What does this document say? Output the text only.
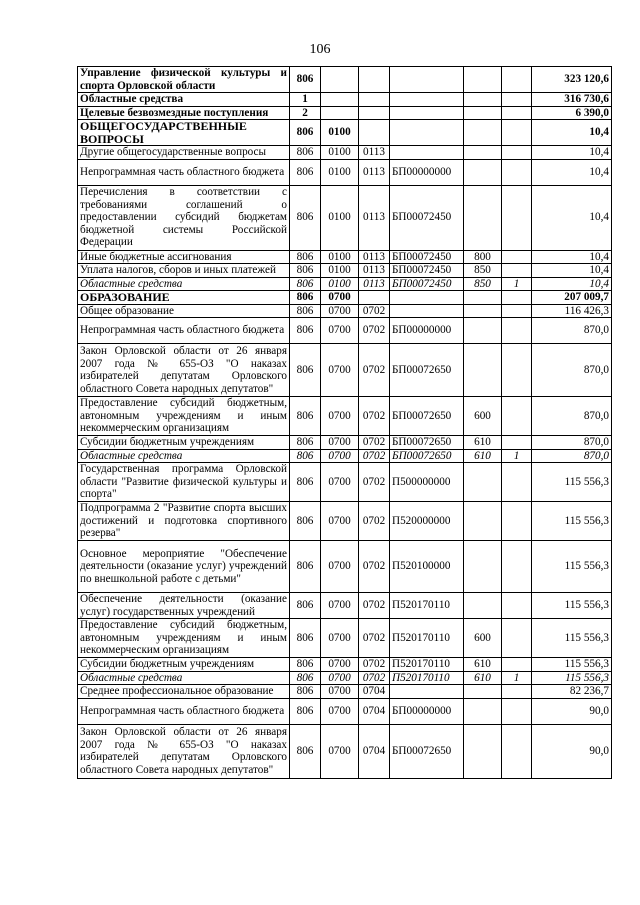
106
Управление физической культуры и спорта Орловской области	806						323 120,6
Областные средства	1						316 730,6
Целевые безвозмездные поступления	2						6 390,0
ОБЩЕГОСУДАРСТВЕННЫЕ ВОПРОСЫ	806	0100					10,4
Другие общегосударственные вопросы	806	0100	0113				10,4
Непрограммная часть областного бюджета	806	0100	0113	БП00000000			10,4
Перечисления в соответствии с требованиями соглашений о предоставлении субсидий бюджетам бюджетной системы Российской Федерации	806	0100	0113	БП00072450			10,4
Иные бюджетные ассигнования	806	0100	0113	БП00072450	800		10,4
Уплата налогов, сборов и иных платежей	806	0100	0113	БП00072450	850		10,4
Областные средства	806	0100	0113	БП00072450	850	1	10,4
ОБРАЗОВАНИЕ	806	0700					207 009,7
Общее образование	806	0700	0702				116 426,3
Непрограммная часть областного бюджета	806	0700	0702	БП00000000			870,0
Закон Орловской области от 26 января 2007 года № 655-ОЗ "О наказах избирателей депутатам Орловского областного Совета народных депутатов"	806	0700	0702	БП00072650			870,0
Предоставление субсидий бюджетным, автономным учреждениям и иным некоммерческим организациям	806	0700	0702	БП00072650	600		870,0
Субсидии бюджетным учреждениям	806	0700	0702	БП00072650	610		870,0
Областные средства	806	0700	0702	БП00072650	610	1	870,0
Государственная программа Орловской области "Развитие физической культуры и спорта"	806	0700	0702	П500000000			115 556,3
Подпрограмма 2 "Развитие спорта высших достижений и подготовка спортивного резерва"	806	0700	0702	П520000000			115 556,3
Основное мероприятие "Обеспечение деятельности (оказание услуг) учреждений по внешкольной работе с детьми"	806	0700	0702	П520100000			115 556,3
Обеспечение деятельности (оказание услуг) государственных учреждений	806	0700	0702	П520170110			115 556,3
Предоставление субсидий бюджетным, автономным учреждениям и иным некоммерческим организациям	806	0700	0702	П520170110	600		115 556,3
Субсидии бюджетным учреждениям	806	0700	0702	П520170110	610		115 556,3
Областные средства	806	0700	0702	П520170110	610	1	115 556,3
Среднее профессиональное образование	806	0700	0704				82 236,7
Непрограммная часть областного бюджета	806	0700	0704	БП00000000			90,0
Закон Орловской области от 26 января 2007 года № 655-ОЗ "О наказах избирателей депутатам Орловского областного Совета народных депутатов"	806	0700	0704	БП00072650			90,0
